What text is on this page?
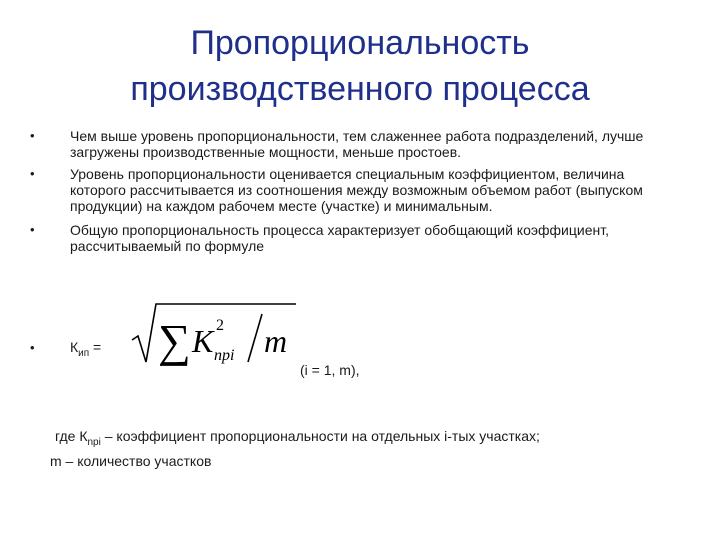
Пропорциональность
производственного процесса
•	Чем выше уровень пропорциональности, тем слаженнее работа подразделений, лучше загружены производственные мощности, меньше простоев.
•	Уровень пропорциональности оценивается специальным коэффициентом, величина которого рассчитывается из соотношения между возможным объемом работ (выпуском продукции) на каждом рабочем месте (участке) и минимальным.
•	Общую пропорциональность процесса характеризует обобщающий коэффициент, рассчитываемый по формуле
•	$К_{ип}$ = ∑ K 2
npi m
(i = 1, m),
где $К_{npi}$ – коэффициент пропорциональности на отдельных i-тых участках;
m – количество участков
